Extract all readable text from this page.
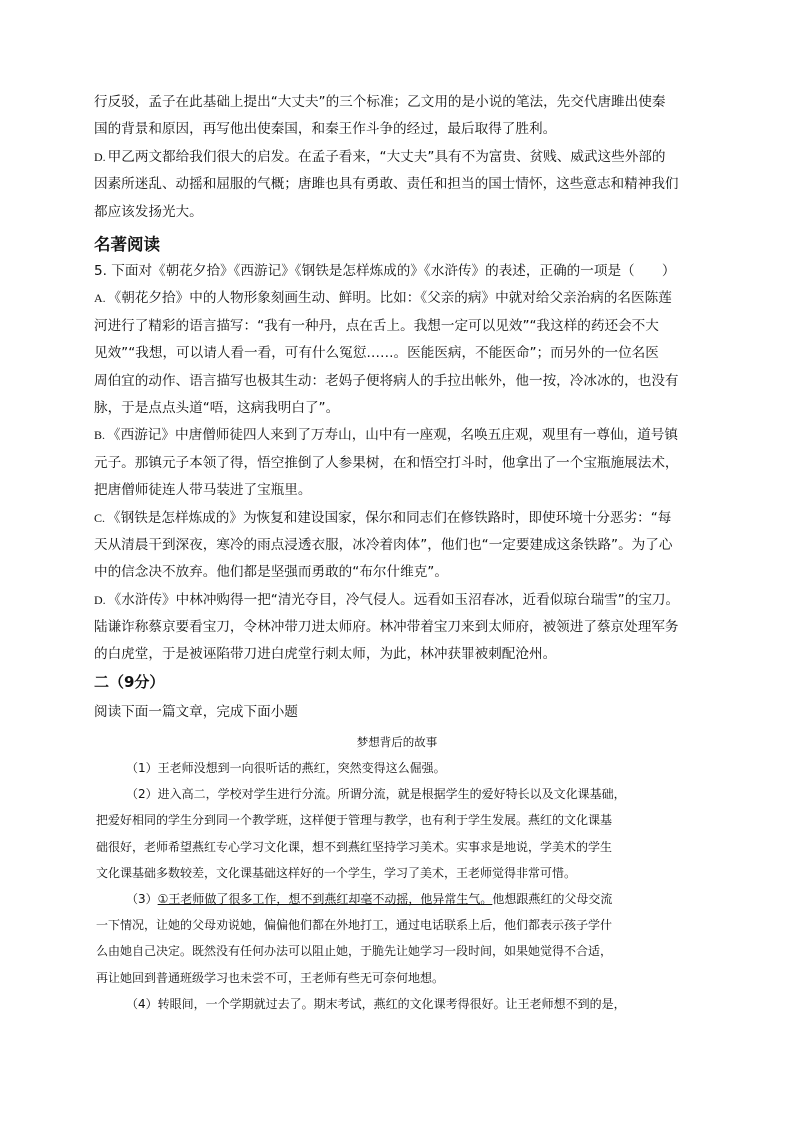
行反驳，孟子在此基础上提出“大丈夫”的三个标准；乙文用的是小说的笔法，先交代唐雎出使秦
国的背景和原因，再写他出使秦国，和秦王作斗争的经过，最后取得了胜利。
D. 甲乙两文都给我们很大的启发。在孟子看来，“大丈夫”具有不为富贵、贫贱、威武这些外部的
因素所迷乱、动摇和屈服的气概；唐雎也具有勇敢、责任和担当的国士情怀，这些意志和精神我们
都应该发扬光大。
名著阅读
5. 下面对《朝花夕拾》《西游记》《钢铁是怎样炼成的》《水浒传》的表述，正确的一项是（　　）
A. 《朝花夕拾》中的人物形象刻画生动、鲜明。比如：《父亲的病》中就对给父亲治病的名医陈莲
河进行了精彩的语言描写：“我有一种丹，点在舌上。我想一定可以见效”“我这样的药还会不大
见效”“我想，可以请人看一看，可有什么冤愆……。医能医病，不能医命”；而另外的一位名医
周伯宜的动作、语言描写也极其生动：老妈子便将病人的手拉出帐外，他一按，冷冰冰的，也没有
脉，于是点点头道“唔，这病我明白了”。
B. 《西游记》中唐僧师徒四人来到了万寿山，山中有一座观，名唤五庄观，观里有一尊仙，道号镇
元子。那镇元子本领了得，悟空推倒了人参果树，在和悟空打斗时，他拿出了一个宝瓶施展法术，
把唐僧师徒连人带马装进了宝瓶里。
C. 《钢铁是怎样炼成的》为恢复和建设国家，保尔和同志们在修铁路时，即使环境十分恶劣：“每
天从清晨干到深夜，寒冷的雨点浸透衣服，冰冷着肉体”，他们也“一定要建成这条铁路”。为了心
中的信念决不放弃。他们都是坚强而勇敢的“布尔什维克”。
D. 《水浒传》中林冲购得一把“清光夺目，冷气侵人。远看如玉沼春冰，近看似琼台瑞雪”的宝刀。
陆谦诈称蔡京要看宝刀，令林冲带刀进太师府。林冲带着宝刀来到太师府，被领进了蔡京处理军务
的白虎堂，于是被诬陷带刀进白虎堂行刺太师，为此，林冲获罪被刺配沧州。
二（9分）
阅读下面一篇文章，完成下面小题
梦想背后的故事
（1）王老师没想到一向很听话的燕红，突然变得这么倔强。
（2）进入高二，学校对学生进行分流。所谓分流，就是根据学生的爱好特长以及文化课基础，
把爱好相同的学生分到同一个教学班，这样便于管理与教学，也有利于学生发展。燕红的文化课基
础很好，老师希望燕红专心学习文化课，想不到燕红坚持学习美术。实事求是地说，学美术的学生
文化课基础多数较差，文化课基础这样好的一个学生，学习了美术，王老师觉得非常可惜。
（3）①王老师做了很多工作，想不到燕红却毫不动摇，他异常生气。他想跟燕红的父母交流
一下情况，让她的父母劝说她，偏偏他们都在外地打工，通过电话联系上后，他们都表示孩子学什
么由她自己决定。既然没有任何办法可以阻止她，于脆先让她学习一段时间，如果她觉得不合适，
再让她回到普通班级学习也未尝不可，王老师有些无可奈何地想。
（4）转眼间，一个学期就过去了。期末考试，燕红的文化课考得很好。让王老师想不到的是，
